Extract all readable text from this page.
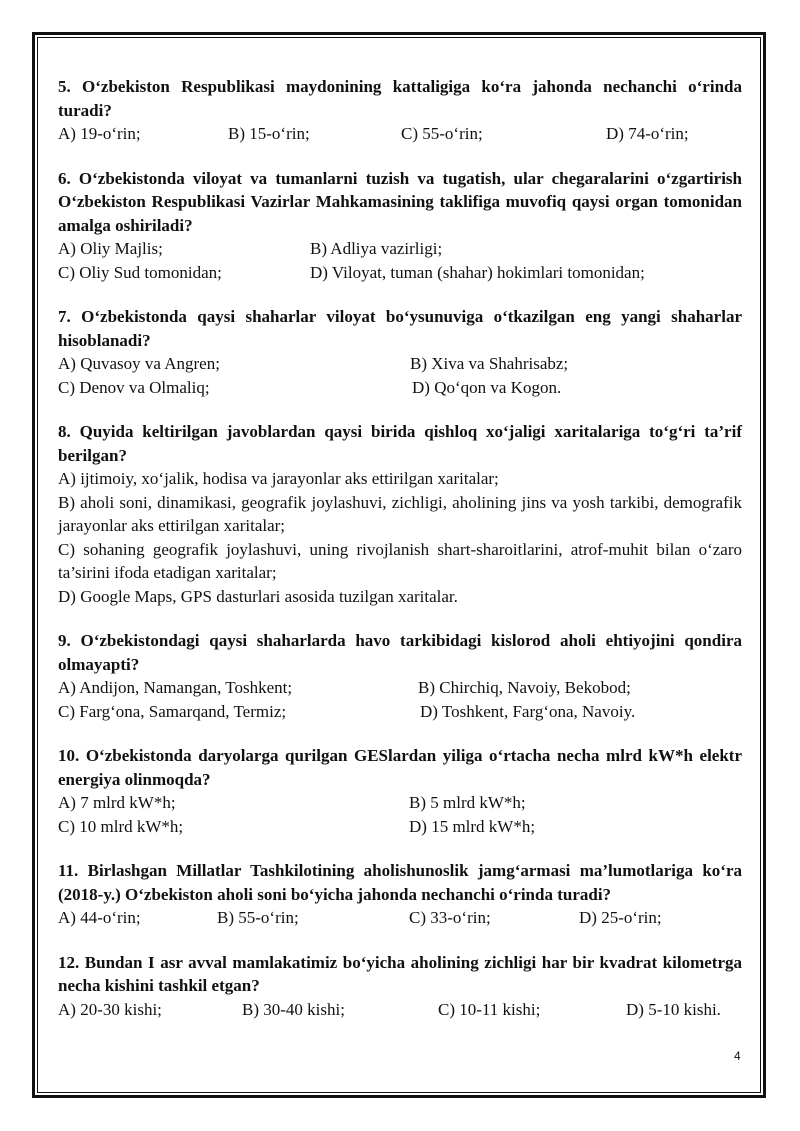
5. O‘zbekiston Respublikasi maydonining kattaligiga ko‘ra jahonda nechanchi o‘rinda turadi?
A) 19-o‘rin;	B) 15-o‘rin;	C) 55-o‘rin;	D) 74-o‘rin;
6. O‘zbekistonda viloyat va tumanlarni tuzish va tugatish, ular chegaralarini o‘zgartirish O‘zbekiston Respublikasi Vazirlar Mahkamasining taklifiga muvofiq qaysi organ tomonidan amalga oshiriladi?
A) Oliy Majlis;	B) Adliya vazirligi;
C) Oliy Sud tomonidan;	D) Viloyat, tuman (shahar) hokimlari tomonidan;
7. O‘zbekistonda qaysi shaharlar viloyat bo‘ysunuviga o‘tkazilgan eng yangi shaharlar hisoblanadi?
A) Quvasoy va Angren;	B) Xiva va Shahrisabz;
C) Denov va Olmaliq;	D) Qo‘qon va Kogon.
8. Quyida keltirilgan javoblardan qaysi birida qishloq xo‘jaligi xaritalariga to‘g‘ri ta’rif berilgan?
A) ijtimoiy, xo‘jalik, hodisa va jarayonlar aks ettirilgan xaritalar;
B) aholi soni, dinamikasi, geografik joylashuvi, zichligi, aholining jins va yosh tarkibi, demografik jarayonlar aks ettirilgan xaritalar;
C) sohaning geografik joylashuvi, uning rivojlanish shart-sharoitlarini, atrof-muhit bilan o‘zaro ta’sirini ifoda etadigan xaritalar;
D) Google Maps, GPS dasturlari asosida tuzilgan xaritalar.
9. O‘zbekistondagi qaysi shaharlarda havo tarkibidagi kislorod aholi ehtiyojini qondira olmayapti?
A) Andijon, Namangan, Toshkent;	B) Chirchiq, Navoiy, Bekobod;
C) Farg‘ona, Samarqand, Termiz;	D) Toshkent, Farg‘ona, Navoiy.
10. O‘zbekistonda daryolarga qurilgan GESlardan yiliga o‘rtacha necha mlrd kW*h elektr energiya olinmoqda?
A) 7 mlrd kW*h;	B) 5 mlrd kW*h;
C) 10 mlrd kW*h;	D) 15 mlrd kW*h;
11. Birlashgan Millatlar Tashkilotining aholishunoslik jamg‘armasi ma’lumotlariga ko‘ra (2018-y.) O‘zbekiston aholi soni bo‘yicha jahonda nechanchi o‘rinda turadi?
A) 44-o‘rin;	B) 55-o‘rin;	C) 33-o‘rin;	D) 25-o‘rin;
12. Bundan I asr avval mamlakatimiz bo‘yicha aholining zichligi har bir kvadrat kilometrga necha kishini tashkil etgan?
A) 20-30 kishi;	B) 30-40 kishi;	C) 10-11 kishi;	D) 5-10 kishi.
4
